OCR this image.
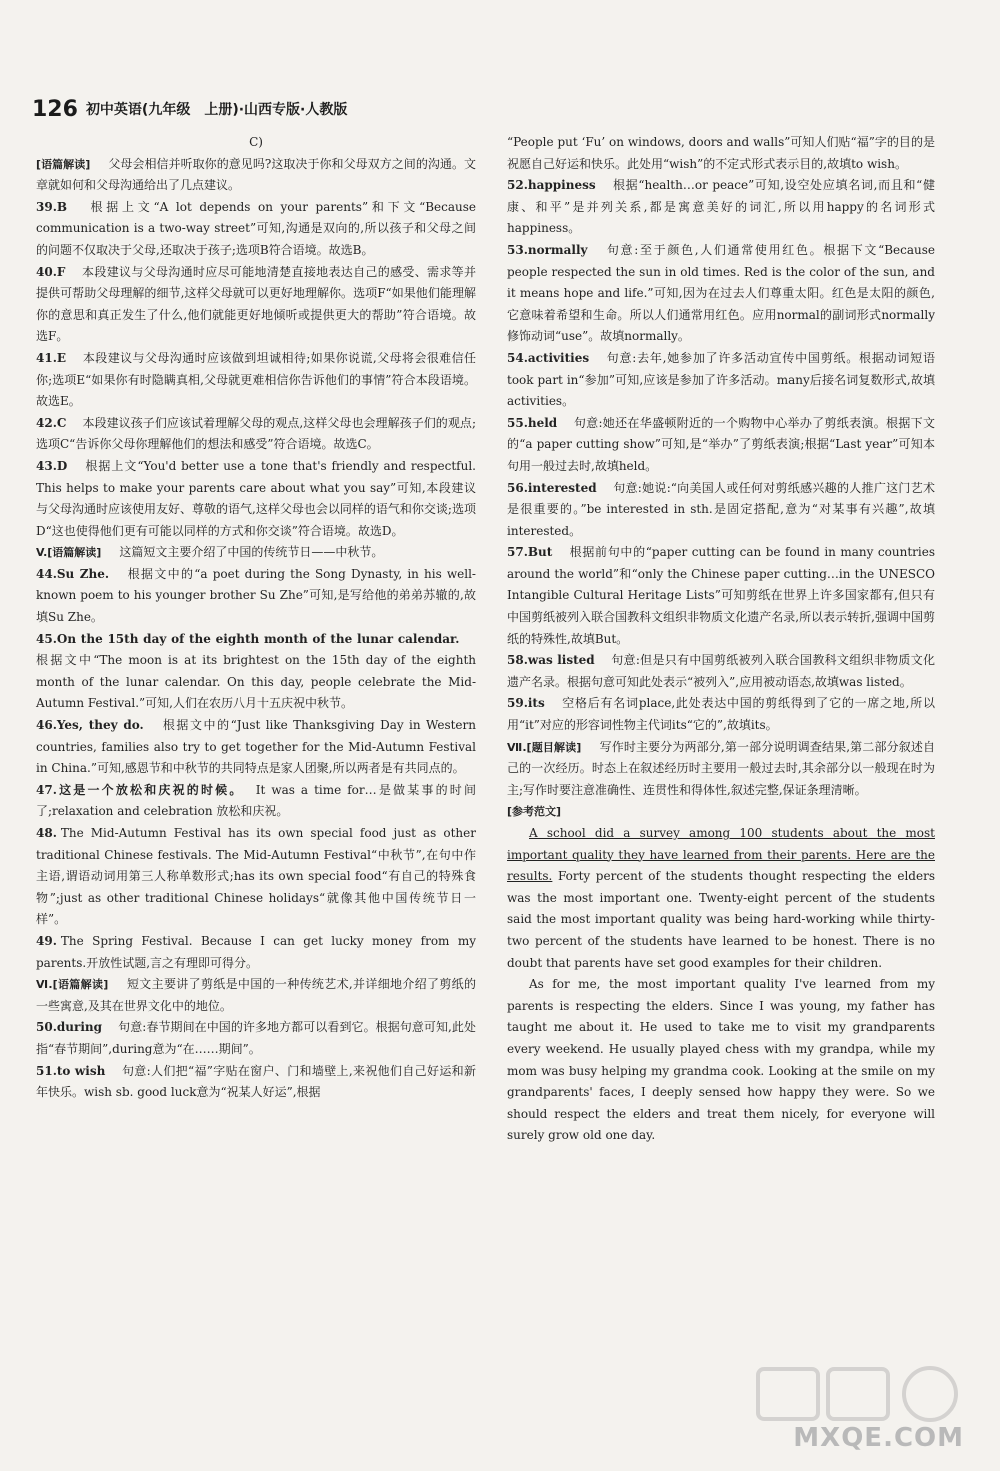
126 初中英语(九年级　上册)·山西专版·人教版

C)

[语篇解读]　父母会相信并听取你的意见吗?这取决于你和父母双方之间的沟通。文章就如何和父母沟通给出了几点建议。

39.B　根据上文“A lot depends on your parents”和下文“Because communication is a two-way street”可知,沟通是双向的,所以孩子和父母之间的问题不仅取决于父母,还取决于孩子;选项B符合语境。故选B。

40.F　本段建议与父母沟通时应尽可能地清楚直接地表达自己的感受、需求等并提供可帮助父母理解的细节,这样父母就可以更好地理解你。选项F“如果他们能理解你的意思和真正发生了什么,他们就能更好地倾听或提供更大的帮助”符合语境。故选F。

41.E　本段建议与父母沟通时应该做到坦诚相待;如果你说谎,父母将会很难信任你;选项E“如果你有时隐瞒真相,父母就更难相信你告诉他们的事情”符合本段语境。故选E。

42.C　本段建议孩子们应该试着理解父母的观点,这样父母也会理解孩子们的观点;选项C“告诉你父母你理解他们的想法和感受”符合语境。故选C。

43.D　根据上文“You'd better use a tone that's friendly and respectful. This helps to make your parents care about what you say”可知,本段建议与父母沟通时应该使用友好、尊敬的语气,这样父母也会以同样的语气和你交谈;选项D“这也使得他们更有可能以同样的方式和你交谈”符合语境。故选D。

V.[语篇解读]　这篇短文主要介绍了中国的传统节日——中秋节。

44.Su Zhe.　根据文中的“a poet during the Song Dynasty, in his well-known poem to his younger brother Su Zhe”可知,是写给他的弟弟苏辙的,故填Su Zhe。

45.On the 15th day of the eighth month of the lunar calendar.　根据文中“The moon is at its brightest on the 15th day of the eighth month of the lunar calendar. On this day, people celebrate the Mid-Autumn Festival.”可知,人们在农历八月十五庆祝中秋节。

46.Yes, they do.　根据文中的“Just like Thanksgiving Day in Western countries, families also try to get together for the Mid-Autumn Festival in China.”可知,感恩节和中秋节的共同特点是家人团聚,所以两者是有共同点的。

47.这是一个放松和庆祝的时候。　It was a time for…是做某事的时间了;relaxation and celebration 放松和庆祝。

48. The Mid-Autumn Festival has its own special food just as other traditional Chinese festivals. The Mid-Autumn Festival“中秋节”,在句中作主语,谓语动词用第三人称单数形式;has its own special food“有自己的特殊食物”;just as other traditional Chinese holidays“就像其他中国传统节日一样”。

49. The Spring Festival. Because I can get lucky money from my parents.开放性试题,言之有理即可得分。

Ⅵ.[语篇解读]　短文主要讲了剪纸是中国的一种传统艺术,并详细地介绍了剪纸的一些寓意,及其在世界文化中的地位。

50.during　句意:春节期间在中国的许多地方都可以看到它。根据句意可知,此处指“春节期间”,during意为“在……期间”。

51.to wish　句意:人们把“福”字贴在窗户、门和墙壁上,来祝他们自己好运和新年快乐。wish sb. good luck意为“祝某人好运”,根据

“People put ‘Fu’ on windows, doors and walls”可知人们贴“福”字的目的是祝愿自己好运和快乐。此处用“wish”的不定式形式表示目的,故填to wish。

52.happiness　根据“health…or peace”可知,设空处应填名词,而且和“健康、和平”是并列关系,都是寓意美好的词汇,所以用happy的名词形式happiness。

53.normally　句意:至于颜色,人们通常使用红色。根据下文“Because people respected the sun in old times. Red is the color of the sun, and it means hope and life.”可知,因为在过去人们尊重太阳。红色是太阳的颜色,它意味着希望和生命。所以人们通常用红色。应用normal的副词形式normally修饰动词“use”。故填normally。

54.activities　句意:去年,她参加了许多活动宣传中国剪纸。根据动词短语took part in“参加”可知,应该是参加了许多活动。many后接名词复数形式,故填activities。

55.held　句意:她还在华盛顿附近的一个购物中心举办了剪纸表演。根据下文的“a paper cutting show”可知,是“举办”了剪纸表演;根据“Last year”可知本句用一般过去时,故填held。

56.interested　句意:她说:“向美国人或任何对剪纸感兴趣的人推广这门艺术是很重要的。”be interested in sth.是固定搭配,意为“对某事有兴趣”,故填interested。

57.But　根据前句中的“paper cutting can be found in many countries around the world”和“only the Chinese paper cutting…in the UNESCO Intangible Cultural Heritage Lists”可知剪纸在世界上许多国家都有,但只有中国剪纸被列入联合国教科文组织非物质文化遗产名录,所以表示转折,强调中国剪纸的特殊性,故填But。

58.was listed　句意:但是只有中国剪纸被列入联合国教科文组织非物质文化遗产名录。根据句意可知此处表示“被列入”,应用被动语态,故填was listed。

59.its　空格后有名词place,此处表达中国的剪纸得到了它的一席之地,所以用“it”对应的形容词性物主代词its“它的”,故填its。

Ⅶ.[题目解读]　写作时主要分为两部分,第一部分说明调查结果,第二部分叙述自己的一次经历。时态上在叙述经历时主要用一般过去时,其余部分以一般现在时为主;写作时要注意准确性、连贯性和得体性,叙述完整,保证条理清晰。

[参考范文]

A school did a survey among 100 students about the most important quality they have learned from their parents. Here are the results. Forty percent of the students thought respecting the elders was the most important one. Twenty-eight percent of the students said the most important quality was being hard-working while thirty-two percent of the students have learned to be honest. There is no doubt that parents have set good examples for their children.

As for me, the most important quality I've learned from my parents is respecting the elders. Since I was young, my father has taught me about it. He used to take me to visit my grandparents every weekend. He usually played chess with my grandpa, while my mom was busy helping my grandma cook. Looking at the smile on my grandparents' faces, I deeply sensed how happy they were. So we should respect the elders and treat them nicely, for everyone will surely grow old one day.

MXQE.COM
